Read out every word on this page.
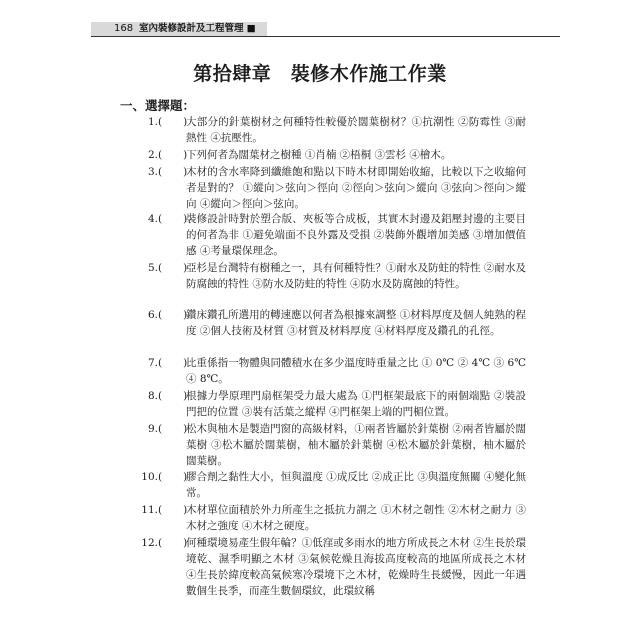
168 室內裝修設計及工程管理 ■
第拾肆章　裝修木作施工作業
一、選擇題：
1. (　　)
大部分的針葉樹材之何種特性較優於闊葉樹材？①抗潮性 ②防霉性 ③耐熱性 ④抗壓性。
2. (　　)
下列何者為闊葉材之樹種 ①肖楠 ②梧桐 ③雲杉 ④檜木。
3. (　　)
木材的含水率降到纖維飽和點以下時木材即開始收縮，比較以下之收縮何者是對的？ ①縱向＞弦向＞徑向 ②徑向＞弦向＞縱向 ③弦向＞徑向＞縱向 ④縱向＞徑向＞弦向。
4. (　　)
裝修設計時對於塑合版、夾板等合成板，其實木封邊及鋁壓封邊的主要目的何者為非 ①避免端面不良外露及受損 ②裝飾外觀增加美感 ③增加價值感 ④考量環保理念。
5. (　　)
亞杉是台灣特有樹種之一，具有何種特性？①耐水及防蛀的特性 ②耐水及防腐蝕的特性 ③防水及防蛀的特性 ④防水及防腐蝕的特性。
6. (　　)
鑽床鑽孔所選用的轉速應以何者為根據來調整 ①材料厚度及個人純熟的程度 ②個人技術及材質 ③材質及材料厚度 ④材料厚度及鑽孔的孔徑。
7. (　　)
比重係指一物體與同體積水在多少溫度時重量之比 ① 0℃ ② 4℃ ③ 6℃ ④ 8℃。
8. (　　)
根據力學原理門扇框架受力最大處為 ①門框架最底下的兩個端點 ②裝設門把的位置 ③裝有活葉之縱桿 ④門框架上端的門楣位置。
9. (　　)
松木與柚木是製造門窗的高級材料，①兩者皆屬於針葉樹 ②兩者皆屬於闊葉樹 ③松木屬於闊葉樹，柚木屬於針葉樹 ④松木屬於針葉樹，柚木屬於闊葉樹。
10. (　　)
膠合劑之黏性大小，恒與溫度 ①成反比 ②成正比 ③與溫度無關 ④變化無常。
11. (　　)
木材單位面積於外力所產生之抵抗力謂之 ①木材之韌性 ②木材之耐力 ③木材之強度 ④木材之硬度。
12. (　　)
何種環境易產生假年輪？①低窪或多雨水的地方所成長之木材 ②生長於環境乾、濕季明顯之木材 ③氣候乾燥且海拔高度較高的地區所成長之木材 ④生長於緯度較高氣候寒冷環境下之木材，乾燥時生長緩慢，因此一年遇數個生長季，而產生數個環紋，此環紋稱
